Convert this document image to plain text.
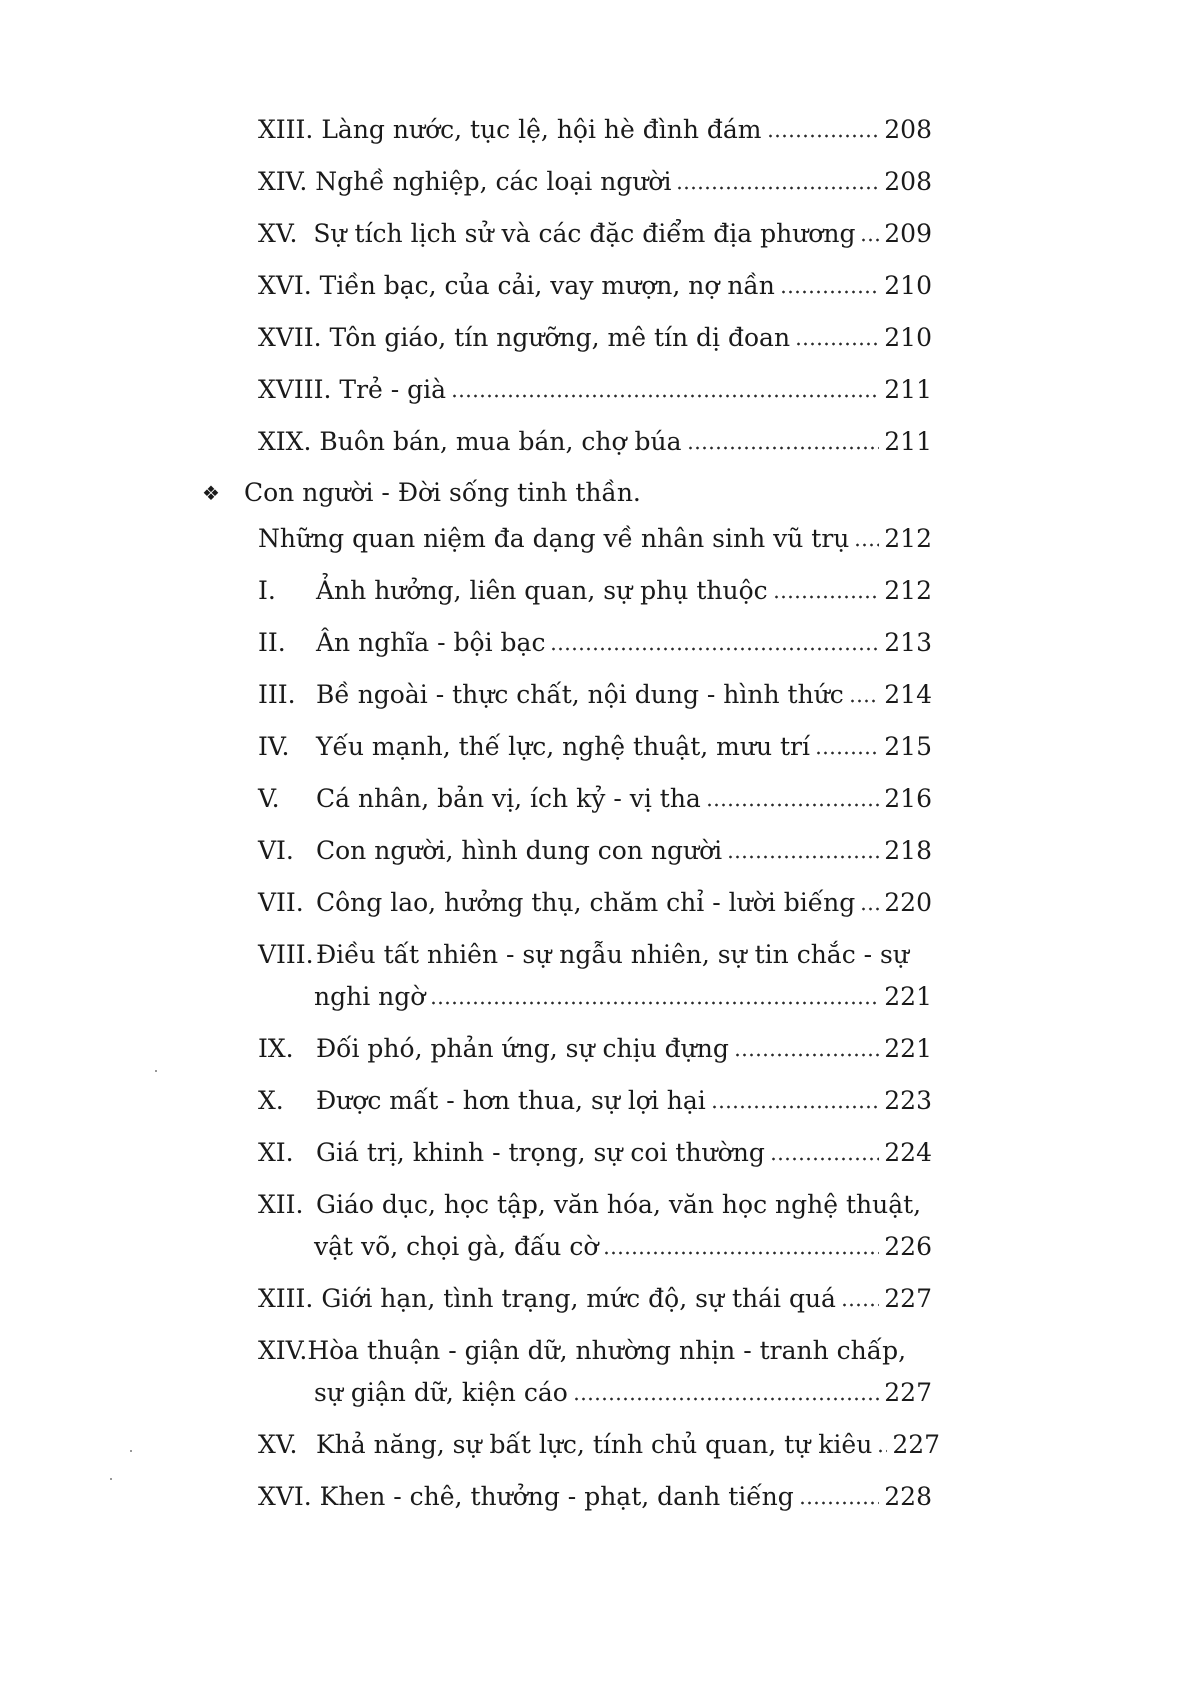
XIII.
Làng nước, tục lệ, hội hè đình đám	208
XIV.
Nghề nghiệp, các loại người	208
XV.
Sự tích lịch sử và các đặc điểm địa phương 209
XVI.
Tiền bạc, của cải, vay mượn, nợ nần	210
XVII.
Tôn giáo, tín ngưỡng, mê tín dị đoan	210
XVIII.
Trẻ - già	211
XIX.
Buôn bán, mua bán, chợ búa	211
❖ Con người - Đời sống tinh thần.
Những quan niệm đa dạng về nhân sinh vũ trụ 212
I.	Ảnh hưởng, liên quan, sự phụ thuộc	212
II.	Ân nghĩa - bội bạc	213
III. Bề ngoài - thực chất, nội dung - hình thức 214
IV.	Yếu mạnh, thế lực, nghệ thuật, mưu trí	215
V.	Cá nhân, bản vị, ích kỷ - vị tha	216
VI. Con người, hình dung con người	218
VII. Công lao, hưởng thụ, chăm chỉ - lười biếng 220
VIII. Điều tất nhiên - sự ngẫu nhiên, sự tin chắc - sự
nghi ngờ	221
IX. Đối phó, phản ứng, sự chịu đựng	221
X.	Được mất - hơn thua, sự lợi hại	223
XI. Giá trị, khinh - trọng, sự coi thường	224
XII. Giáo dục, học tập, văn hóa, văn học nghệ thuật,
vật võ, chọi gà, đấu cờ	226
XIII.
Giới hạn, tình trạng, mức độ, sự thái quá 227
XIV. Hòa thuận - giận dữ, nhường nhịn - tranh chấp,
sự giận dữ, kiện cáo	227
XV. Khả năng, sự bất lực, tính chủ quan, tự kiêu 227
XVI.
Khen - chê, thưởng - phạt, danh tiếng	228
